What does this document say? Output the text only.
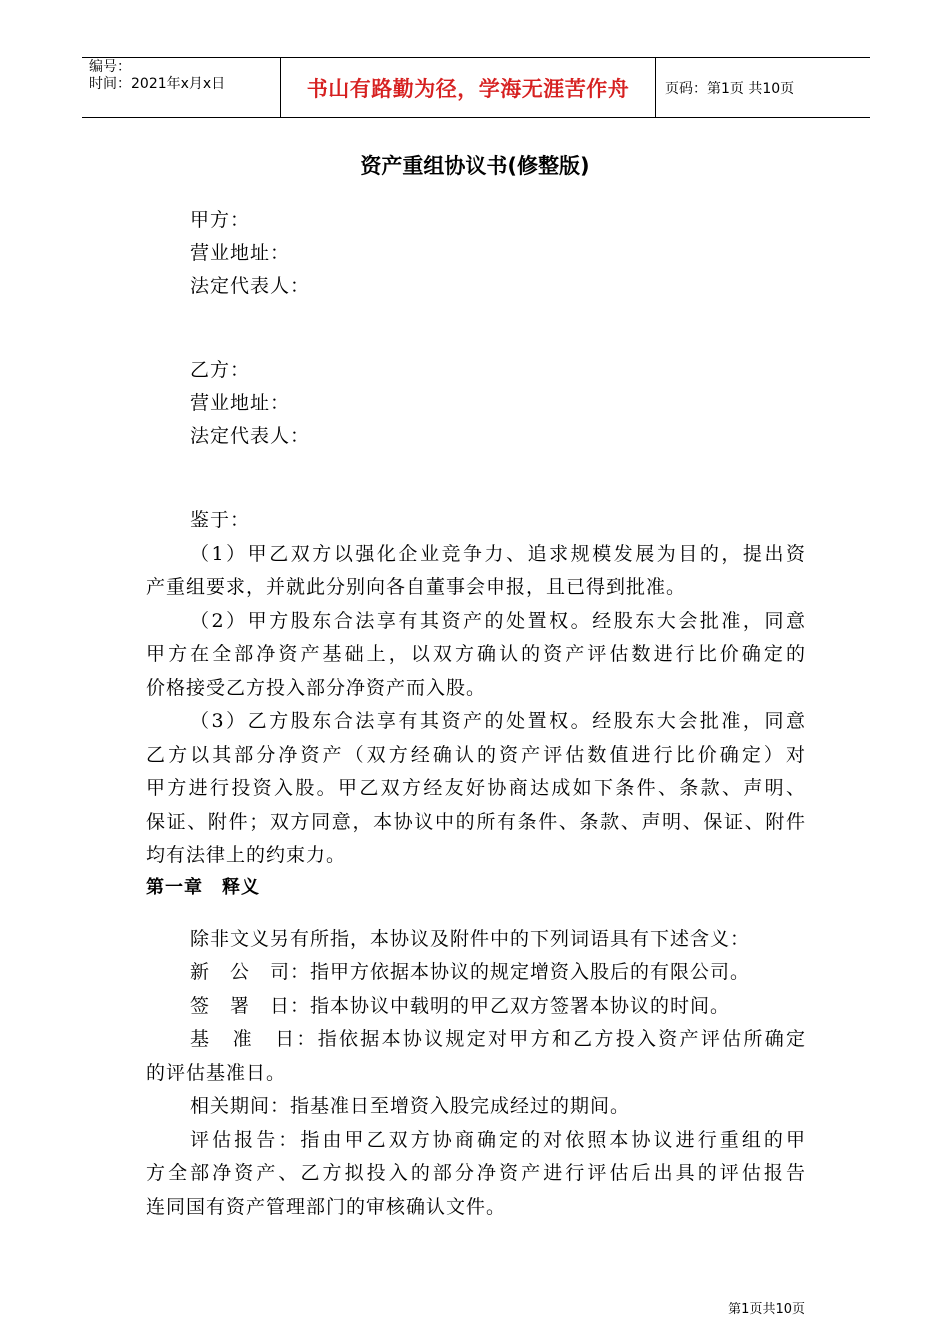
编号：
时间：2021年x月x日	书山有路勤为径，学海无涯苦作舟	页码：第1页 共10页
资产重组协议书(修整版)
甲方：
营业地址：
法定代表人：
乙方：
营业地址：
法定代表人：
鉴于：
（1）甲乙双方以强化企业竞争力、追求规模发展为目的，提出资
产重组要求，并就此分别向各自董事会申报，且已得到批准。
（2）甲方股东合法享有其资产的处置权。经股东大会批准，同意
甲方在全部净资产基础上，以双方确认的资产评估数进行比价确定的
价格接受乙方投入部分净资产而入股。
（3）乙方股东合法享有其资产的处置权。经股东大会批准，同意
乙方以其部分净资产（双方经确认的资产评估数值进行比价确定）对
甲方进行投资入股。甲乙双方经友好协商达成如下条件、条款、声明、
保证、附件；双方同意，本协议中的所有条件、条款、声明、保证、附件
均有法律上的约束力。
第一章　释义
除非文义另有所指，本协议及附件中的下列词语具有下述含义：
新　公　司：指甲方依据本协议的规定增资入股后的有限公司。
签　署　日：指本协议中载明的甲乙双方签署本协议的时间。
基　准　日：指依据本协议规定对甲方和乙方投入资产评估所确定
的评估基准日。
相关期间：指基准日至增资入股完成经过的期间。
评估报告：指由甲乙双方协商确定的对依照本协议进行重组的甲
方全部净资产、乙方拟投入的部分净资产进行评估后出具的评估报告
连同国有资产管理部门的审核确认文件。
第1页共10页
